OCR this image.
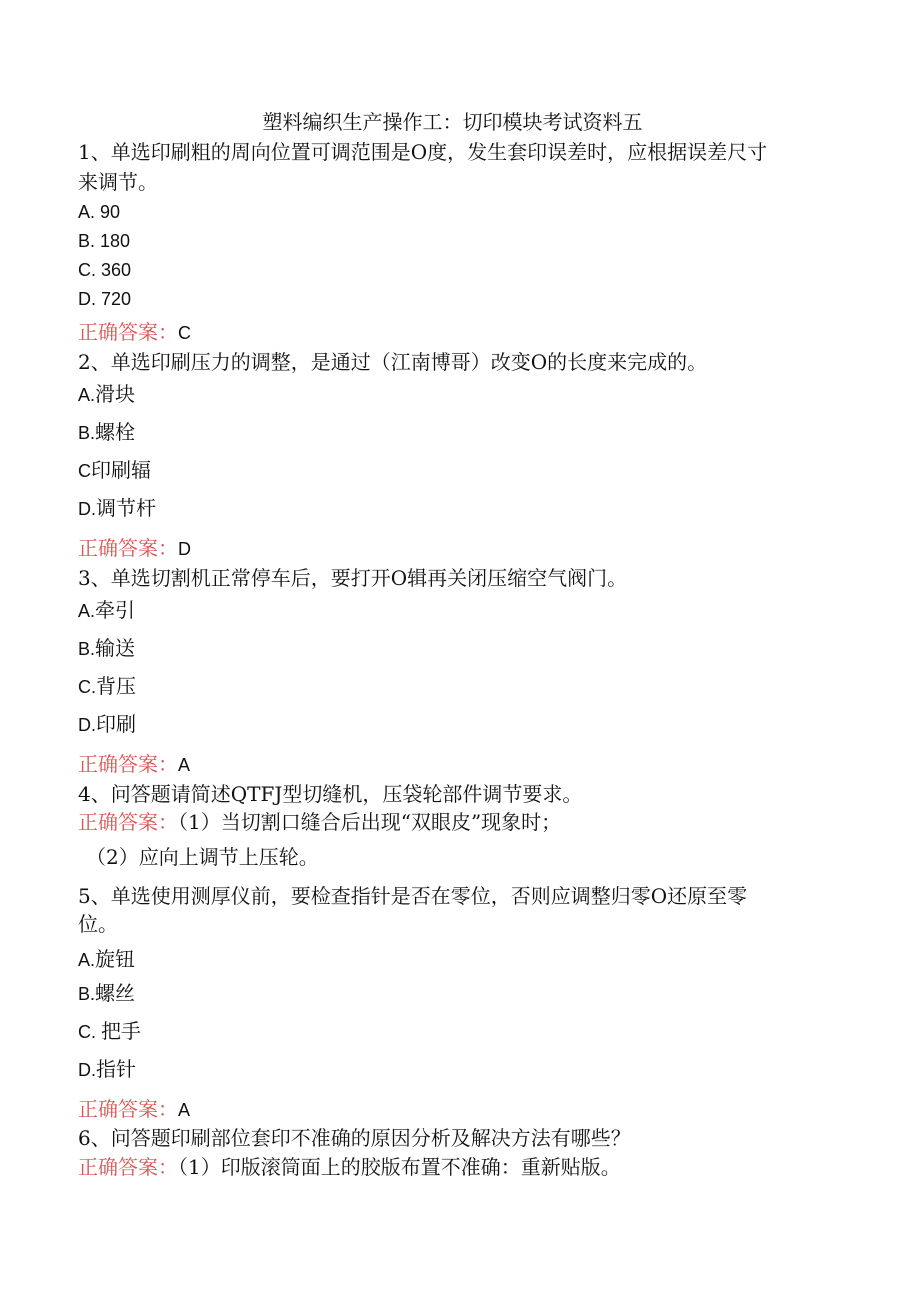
塑料编织生产操作工：切印模块考试资料五
1、单选印刷粗的周向位置可调范围是O度，发生套印误差时，应根据误差尺寸
来调节。
A. 90
B. 180
C. 360
D. 720
正确答案：C
2、单选印刷压力的调整，是通过（江南博哥）改变O的长度来完成的。
A.滑块
B.螺栓
C印刷辐
D.调节杆
正确答案：D
3、单选切割机正常停车后，要打开O辑再关闭压缩空气阀门。
A.牵引
B.输送
C.背压
D.印刷
正确答案：A
4、问答题请简述QTFJ型切缝机，压袋轮部件调节要求。
正确答案：（1）当切割口缝合后出现“双眼皮”现象时；
（2）应向上调节上压轮。
5、单选使用测厚仪前，要检查指针是否在零位，否则应调整归零O还原至零
位。
A.旋钮
B.螺丝
C. 把手
D.指针
正确答案：A
6、问答题印刷部位套印不准确的原因分析及解决方法有哪些？
正确答案：（1）印版滚筒面上的胶版布置不准确：重新贴版。
